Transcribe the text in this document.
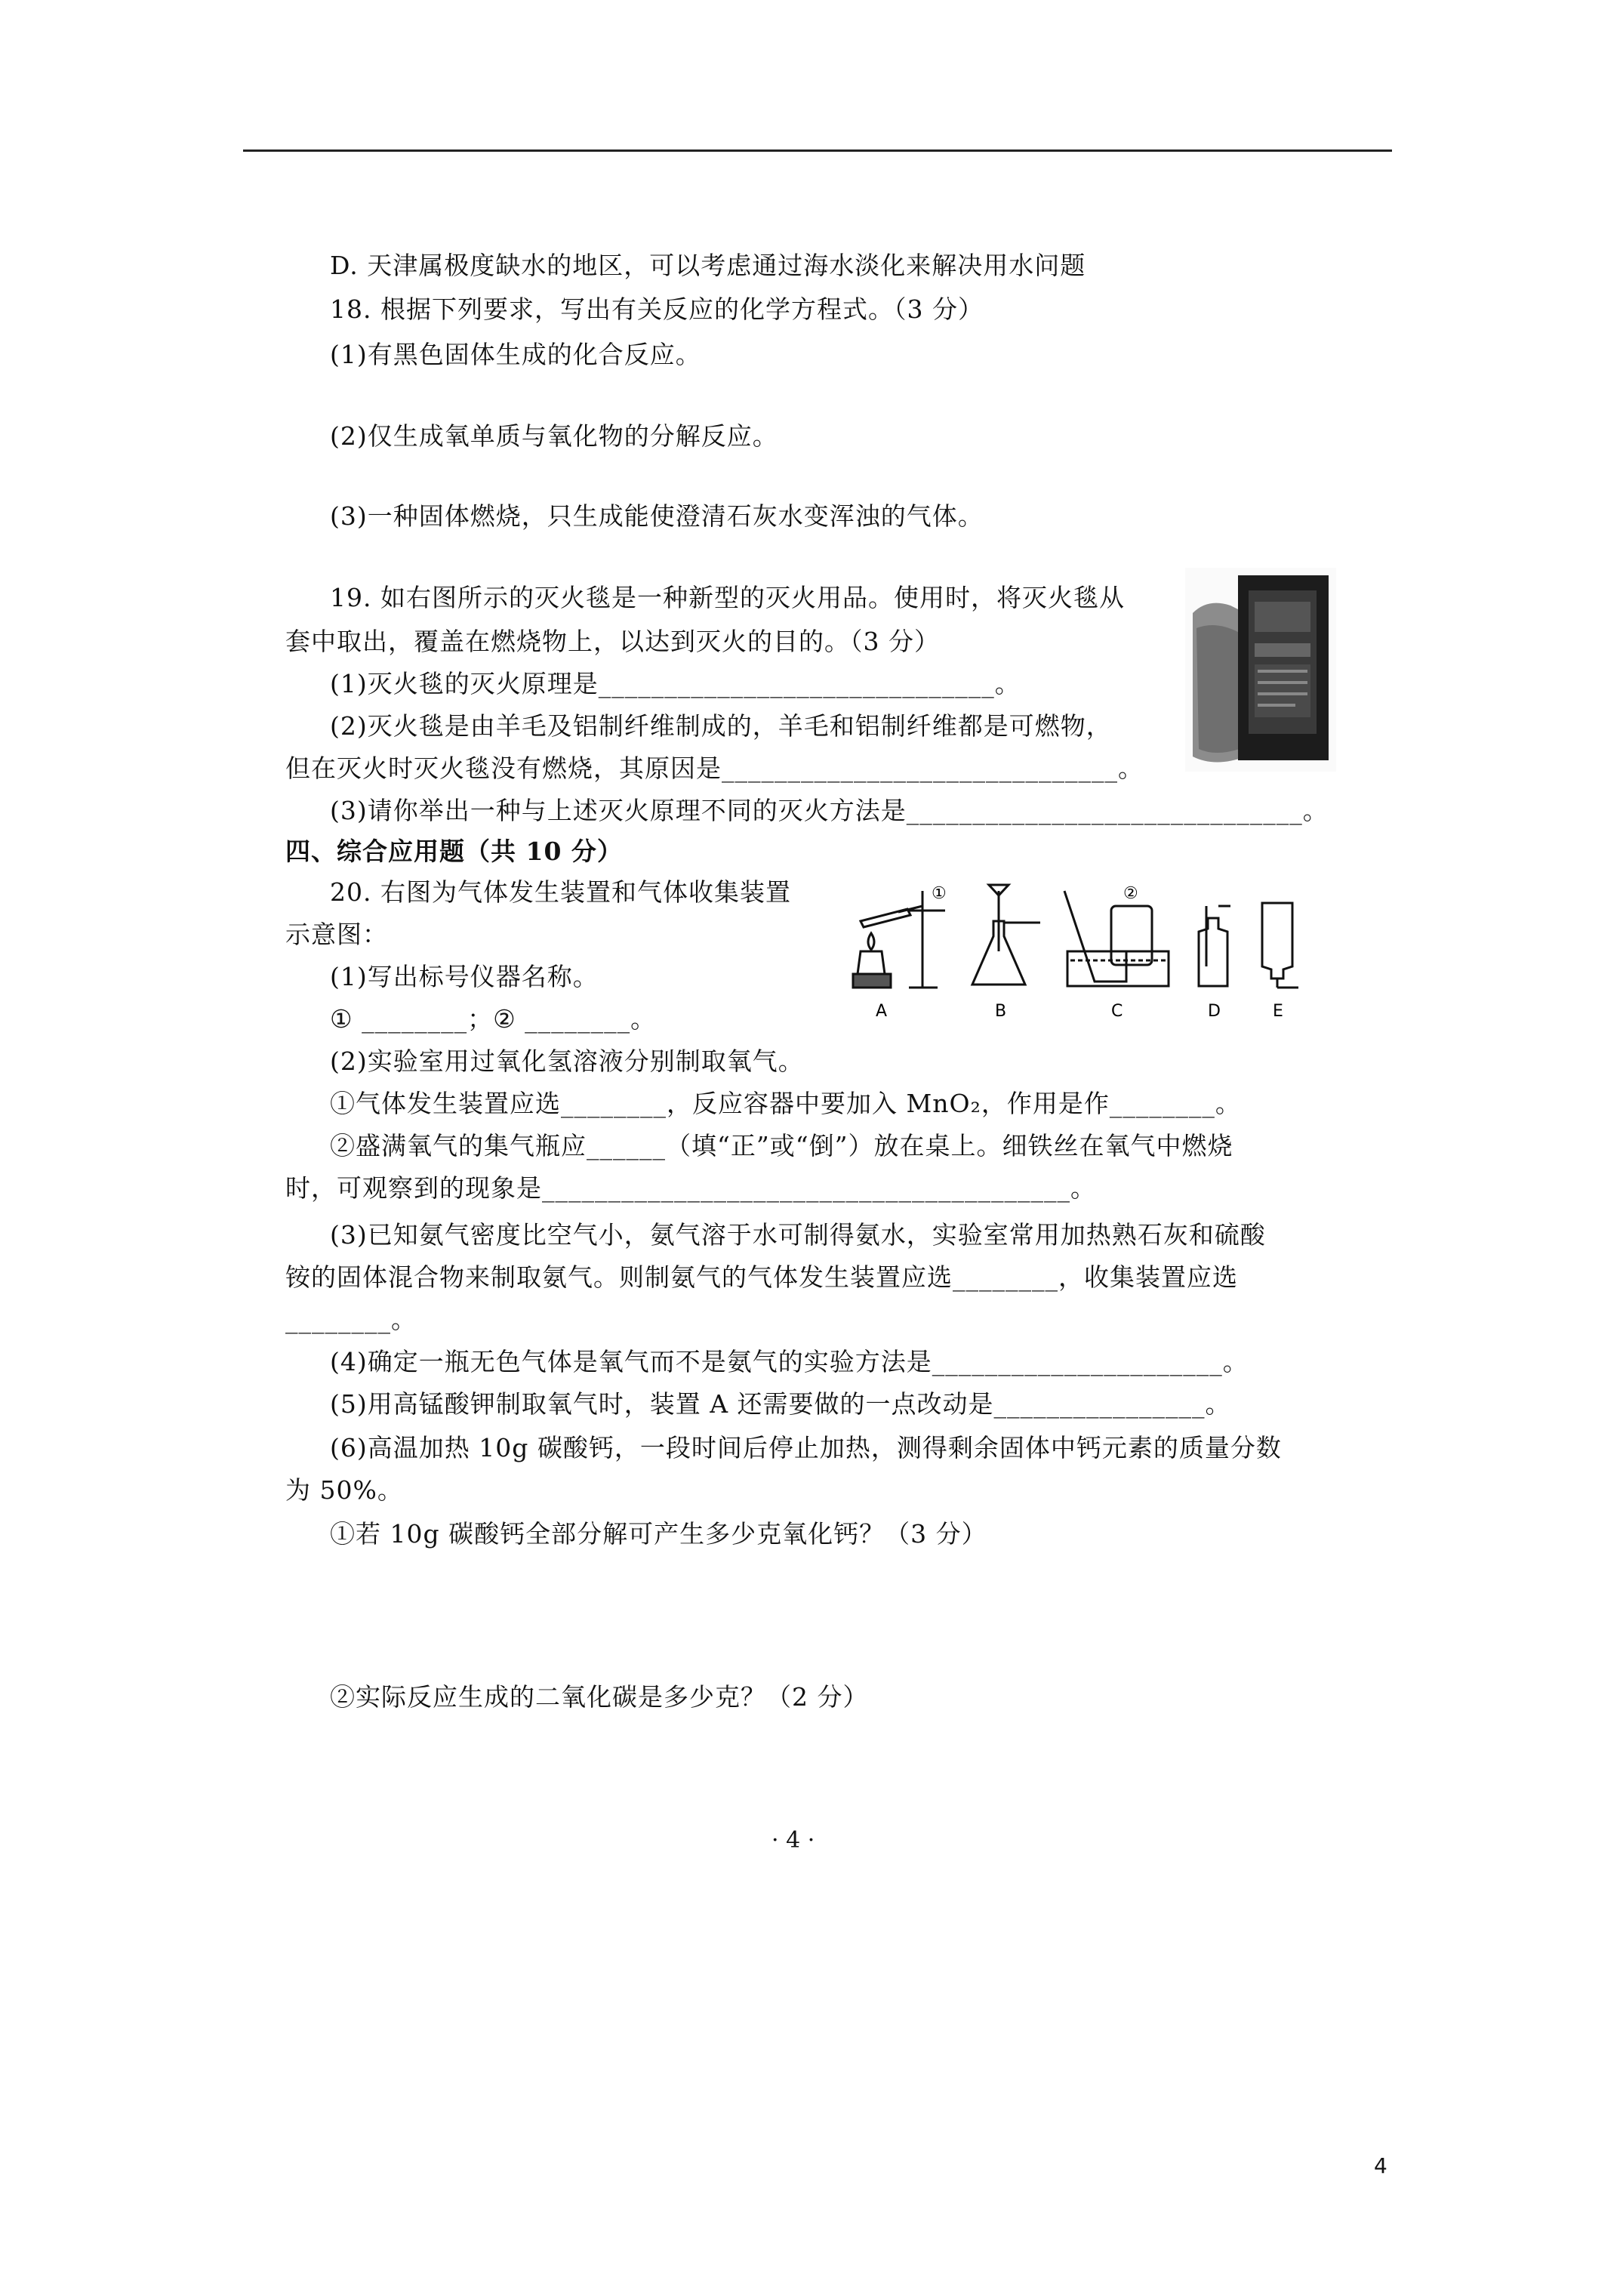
D. 天津属极度缺水的地区，可以考虑通过海水淡化来解决用水问题
18. 根据下列要求，写出有关反应的化学方程式。（3 分）
(1)有黑色固体生成的化合反应。
(2)仅生成氧单质与氧化物的分解反应。
(3)一种固体燃烧，只生成能使澄清石灰水变浑浊的气体。
19. 如右图所示的灭火毯是一种新型的灭火用品。使用时，将灭火毯从
套中取出，覆盖在燃烧物上，以达到灭火的目的。（3 分）
(1)灭火毯的灭火原理是______________________________。
(2)灭火毯是由羊毛及铝制纤维制成的，羊毛和铝制纤维都是可燃物，
但在灭火时灭火毯没有燃烧，其原因是______________________________。
(3)请你举出一种与上述灭火原理不同的灭火方法是______________________________。
四、综合应用题（共 10 分）
20. 右图为气体发生装置和气体收集装置
示意图：
(1)写出标号仪器名称。
① ________；② ________。
①	②
A	B	C	D	E
(2)实验室用过氧化氢溶液分别制取氧气。
①气体发生装置应选________，反应容器中要加入 MnO₂，作用是作________。
②盛满氧气的集气瓶应______（填“正”或“倒”）放在桌上。细铁丝在氧气中燃烧
时，可观察到的现象是________________________________________。
(3)已知氨气密度比空气小，氨气溶于水可制得氨水，实验室常用加热熟石灰和硫酸
铵的固体混合物来制取氨气。则制氨气的气体发生装置应选________，收集装置应选
________。
(4)确定一瓶无色气体是氧气而不是氨气的实验方法是______________________。
(5)用高锰酸钾制取氧气时，装置 A 还需要做的一点改动是________________。
(6)高温加热 10g 碳酸钙，一段时间后停止加热，测得剩余固体中钙元素的质量分数
为 50%。
①若 10g 碳酸钙全部分解可产生多少克氧化钙？（3 分）
②实际反应生成的二氧化碳是多少克？（2 分）
· 4 ·
4
